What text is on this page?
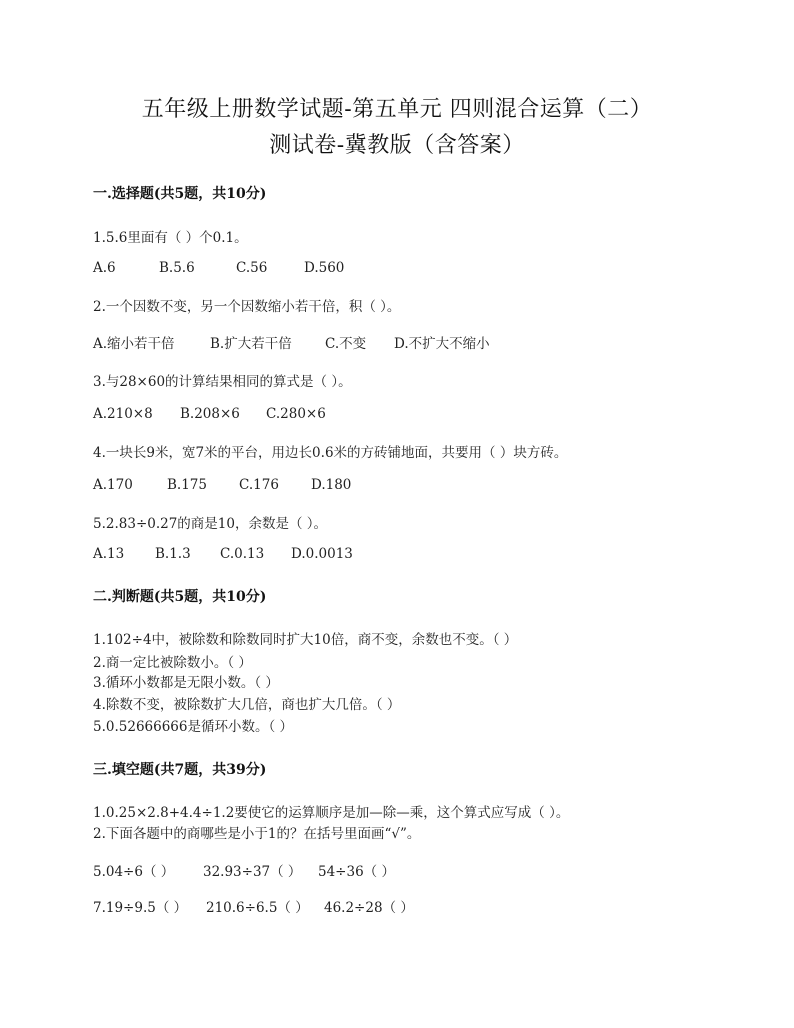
五年级上册数学试题-第五单元 四则混合运算（二）
测试卷-冀教版（含答案）
一.选择题(共5题，共10分)
1.5.6里面有（ ）个0.1。
A.6	B.5.6	C.56	D.560
2.一个因数不变，另一个因数缩小若干倍，积（ ）。
A.缩小若干倍	B.扩大若干倍 C.不变 D.不扩大不缩小
3.与28×60的计算结果相同的算式是（ ）。
A.210×8 B.208×6 C.280×6
4.一块长9米，宽7米的平台，用边长0.6米的方砖铺地面，共要用（ ）块方砖。
A.170	B.175 C.176 D.180
5.2.83÷0.27的商是10，余数是（ ）。
A.13 B.1.3 C.0.13 D.0.0013
二.判断题(共5题，共10分)
1.102÷4中，被除数和除数同时扩大10倍，商不变，余数也不变。（ ）
2.商一定比被除数小。（ ）
3.循环小数都是无限小数。（ ）
4.除数不变，被除数扩大几倍，商也扩大几倍。（ ）
5.0.52666666是循环小数。（ ）
三.填空题(共7题，共39分)
1.0.25×2.8+4.4÷1.2要使它的运算顺序是加—除—乘，这个算式应写成（ ）。
2.下面各题中的商哪些是小于1的？在括号里面画“√”。
5.04÷6（ ） 32.93÷37（ ） 54÷36（ ）
7.19÷9.5（ ） 210.6÷6.5（ ） 46.2÷28（ ）
